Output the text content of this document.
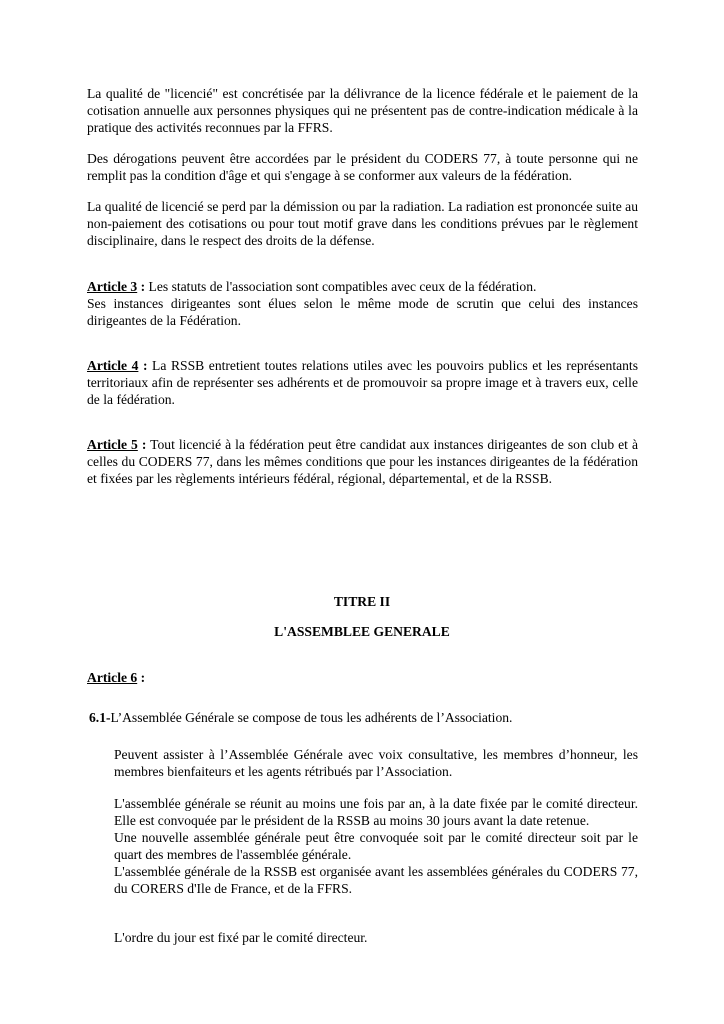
La qualité de "licencié" est concrétisée par la délivrance de la licence fédérale et le paiement de la cotisation annuelle aux personnes physiques qui ne présentent pas de contre-indication médicale à la pratique des activités reconnues par la FFRS.

Des dérogations peuvent être accordées par le président du CODERS 77, à toute personne qui ne remplit pas la condition d'âge et qui s'engage à se conformer aux valeurs de la fédération.

La qualité de licencié se perd par la démission ou par la radiation. La radiation est prononcée suite au non-paiement des cotisations ou pour tout motif grave dans les conditions prévues par le règlement disciplinaire, dans le respect des droits de la défense.

Article 3 : Les statuts de l'association sont compatibles avec ceux de la fédération.
Ses instances dirigeantes sont élues selon le même mode de scrutin que celui des instances dirigeantes de la Fédération.

Article 4 : La RSSB entretient toutes relations utiles avec les pouvoirs publics et les représentants territoriaux afin de représenter ses adhérents et de promouvoir sa propre image et à travers eux, celle de la fédération.

Article 5 : Tout licencié à la fédération peut être candidat aux instances dirigeantes de son club et à celles du CODERS 77, dans les mêmes conditions que pour les instances dirigeantes de la fédération et fixées par les règlements intérieurs fédéral, régional, départemental, et de la RSSB.

TITRE II

L'ASSEMBLEE GENERALE

Article 6 :

6.1-L’Assemblée Générale se compose de tous les adhérents de l’Association.

Peuvent assister à l’Assemblée Générale avec voix consultative, les membres d’honneur, les membres bienfaiteurs et les agents rétribués par l’Association.

L'assemblée générale se réunit au moins une fois par an, à la date fixée par le comité directeur. Elle est convoquée par le président de la RSSB au moins 30 jours avant la date retenue.
Une nouvelle assemblée générale peut être convoquée soit par le comité directeur soit par le quart des membres de l'assemblée générale.
L'assemblée générale de la RSSB est organisée avant les assemblées générales du CODERS 77, du CORERS d'Ile de France, et de la FFRS.

L'ordre du jour est fixé par le comité directeur.
